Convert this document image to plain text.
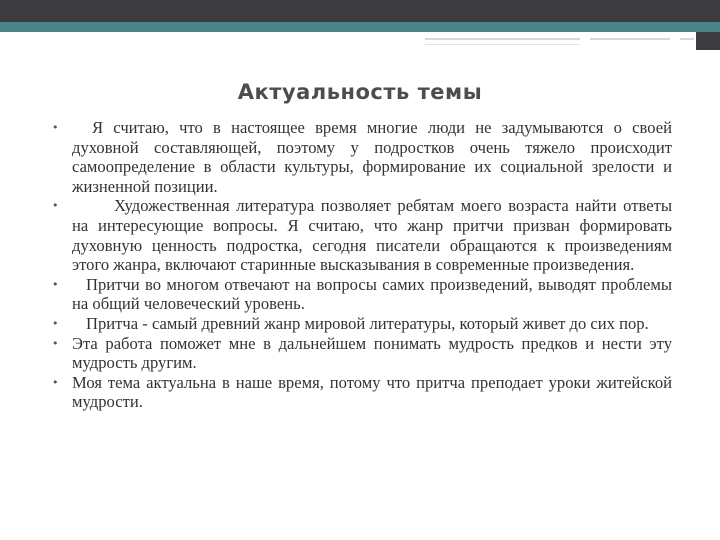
Актуальность темы
•	Я считаю, что в настоящее время многие люди не задумываются о своей духовной составляющей, поэтому у подростков очень тяжело происходит самоопределение в области культуры, формирование их социальной зрелости и жизненной позиции.
•	Художественная литература позволяет ребятам моего возраста найти ответы на интересующие вопросы. Я считаю, что жанр притчи призван формировать духовную ценность подростка, сегодня писатели обращаются к произведениям этого жанра, включают старинные высказывания в современные произведения.
•	Притчи во многом отвечают на вопросы самих произведений, выводят проблемы на общий человеческий уровень.
•	Притча - самый древний жанр мировой литературы, который живет до сих пор.
• Эта работа поможет мне в дальнейшем понимать мудрость предков и нести эту мудрость другим.
• Моя тема актуальна в наше время, потому что притча преподает уроки житейской мудрости.
